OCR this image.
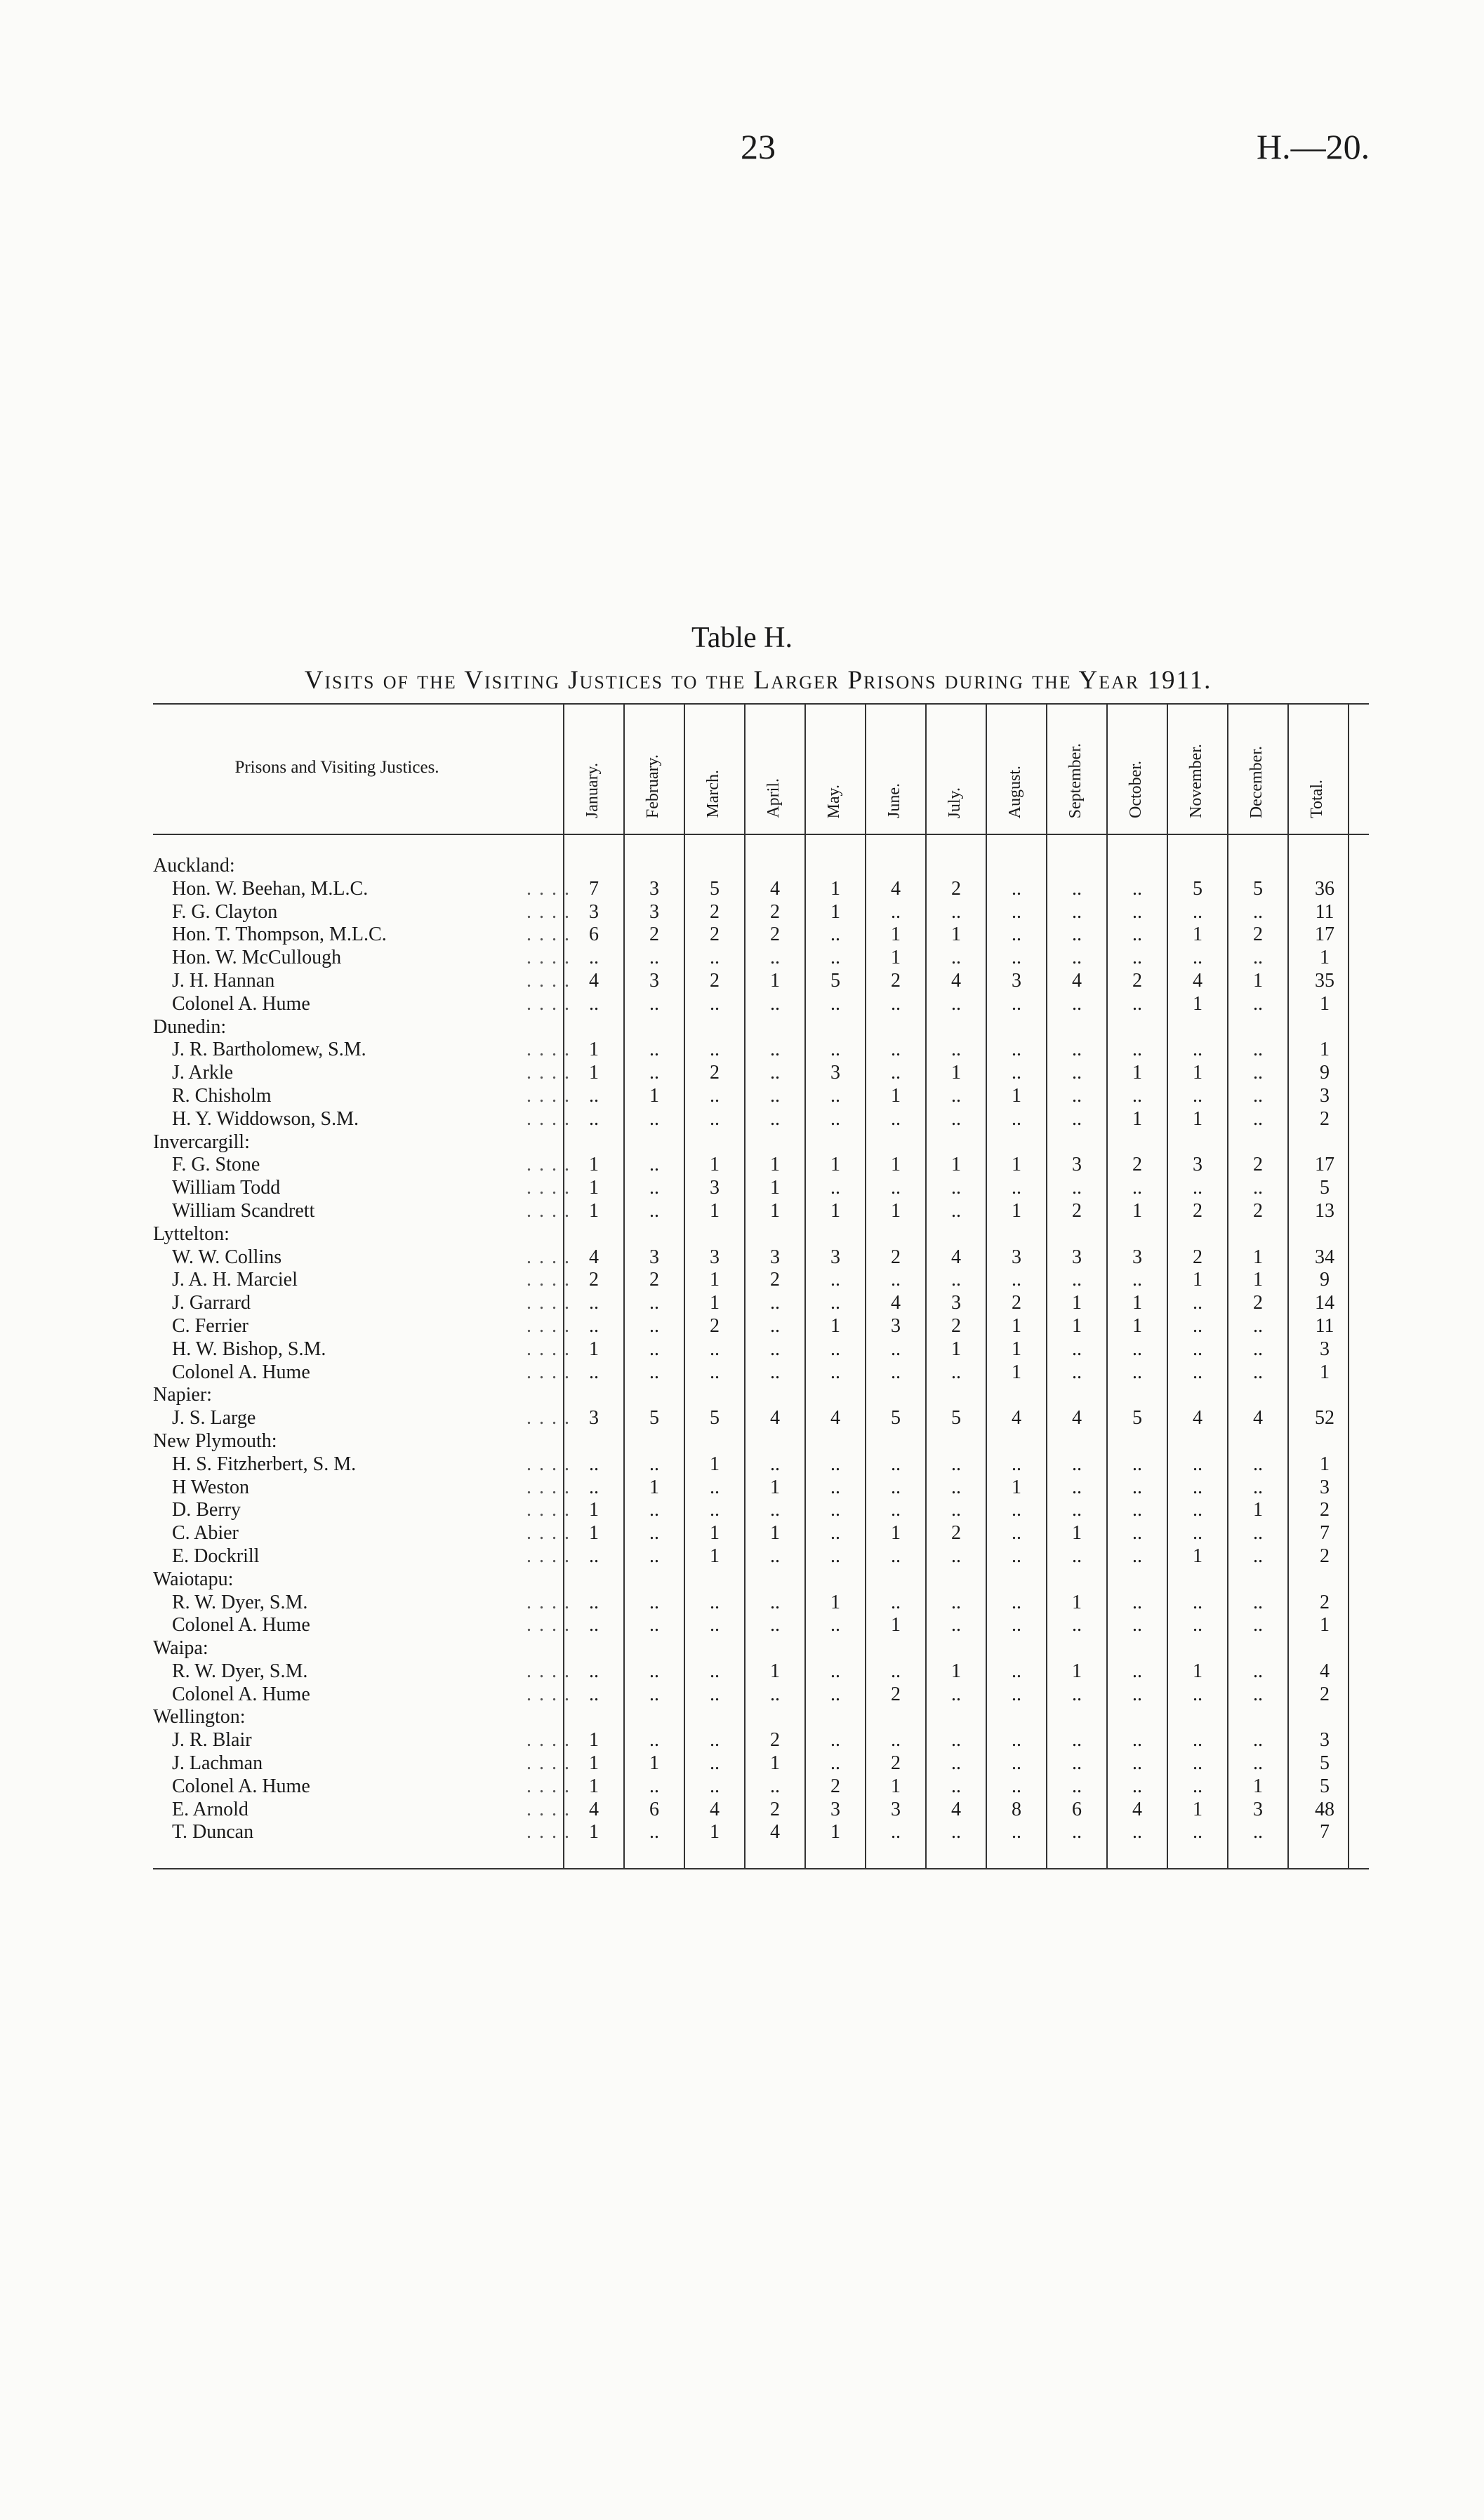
23	H.—20.
Table H.
Visits of the Visiting Justices to the Larger Prisons during the Year 1911.
Prisons and Visiting Justices.	January.	February.	March.	April.	May.	June.	July.	August.	September.	October.	November.	December.	Total.
Auckland:
Hon. W. Beehan, M.L.C.	. . . . 7	3	5	4	1	4	2	..	..	..	5	5	36
F. G. Clayton	. . . . 3	3	2	2	1	..	..	..	..	..	..	..	11
Hon. T. Thompson, M.L.C.	. . . . 6	2	2	2	..	1	1	..	..	..	1	2	17
Hon. W. McCullough	. . . . ..	..	..	..	..	1	..	..	..	..	..	..	1
J. H. Hannan	. . . . 4	3	2	1	5	2	4	3	4	2	4	1	35
Colonel A. Hume	. . . . ..	..	..	..	..	..	..	..	..	..	1	..	1
Dunedin:
J. R. Bartholomew, S.M.	. . . . 1	..	..	..	..	..	..	..	..	..	..	..	1
J. Arkle	. . . . 1	..	2	..	3	..	1	..	..	1	1	..	9
R. Chisholm	. . . . ..	1	..	..	..	1	..	1	..	..	..	..	3
H. Y. Widdowson, S.M.	. . . . ..	..	..	..	..	..	..	..	..	1	1	..	2
Invercargill:
F. G. Stone	. . . . 1	..	1	1	1	1	1	1	3	2	3	2	17
William Todd	. . . . 1	..	3	1	..	..	..	..	..	..	..	..	5
William Scandrett	. . . . 1	..	1	1	1	1	..	1	2	1	2	2	13
Lyttelton:
W. W. Collins	. . . . 4	3	3	3	3	2	4	3	3	3	2	1	34
J. A. H. Marciel	. . . . 2	2	1	2	..	..	..	..	..	..	1	1	9
J. Garrard	. . . . ..	..	1	..	..	4	3	2	1	1	..	2	14
C. Ferrier	. . . . ..	..	2	..	1	3	2	1	1	1	..	..	11
H. W. Bishop, S.M.	. . . . 1	..	..	..	..	..	1	1	..	..	..	..	3
Colonel A. Hume	. . . . ..	..	..	..	..	..	..	1	..	..	..	..	1
Napier:
J. S. Large	. . . . 3	5	5	4	4	5	5	4	4	5	4	4	52
New Plymouth:
H. S. Fitzherbert, S. M.	. . . . ..	..	1	..	..	..	..	..	..	..	..	..	1
H Weston	. . . . ..	1	..	1	..	..	..	1	..	..	..	..	3
D. Berry	. . . . 1	..	..	..	..	..	..	..	..	..	..	1	2
C. Abier	. . . . 1	..	1	1	..	1	2	..	1	..	..	..	7
E. Dockrill	. . . . ..	..	1	..	..	..	..	..	..	..	1	..	2
Waiotapu:
R. W. Dyer, S.M.	. . . . ..	..	..	..	1	..	..	..	1	..	..	..	2
Colonel A. Hume	. . . . ..	..	..	..	..	1	..	..	..	..	..	..	1
Waipa:
R. W. Dyer, S.M.	. . . . ..	..	..	1	..	..	1	..	1	..	1	..	4
Colonel A. Hume	. . . . ..	..	..	..	..	2	..	..	..	..	..	..	2
Wellington:
J. R. Blair	. . . . 1	..	..	2	..	..	..	..	..	..	..	..	3
J. Lachman	. . . . 1	1	..	1	..	2	..	..	..	..	..	..	5
Colonel A. Hume	. . . . 1	..	..	..	2	1	..	..	..	..	..	1	5
E. Arnold	. . . . 4	6	4	2	3	3	4	8	6	4	1	3	48
T. Duncan	. . . . 1	..	1	4	1	..	..	..	..	..	..	..	7
